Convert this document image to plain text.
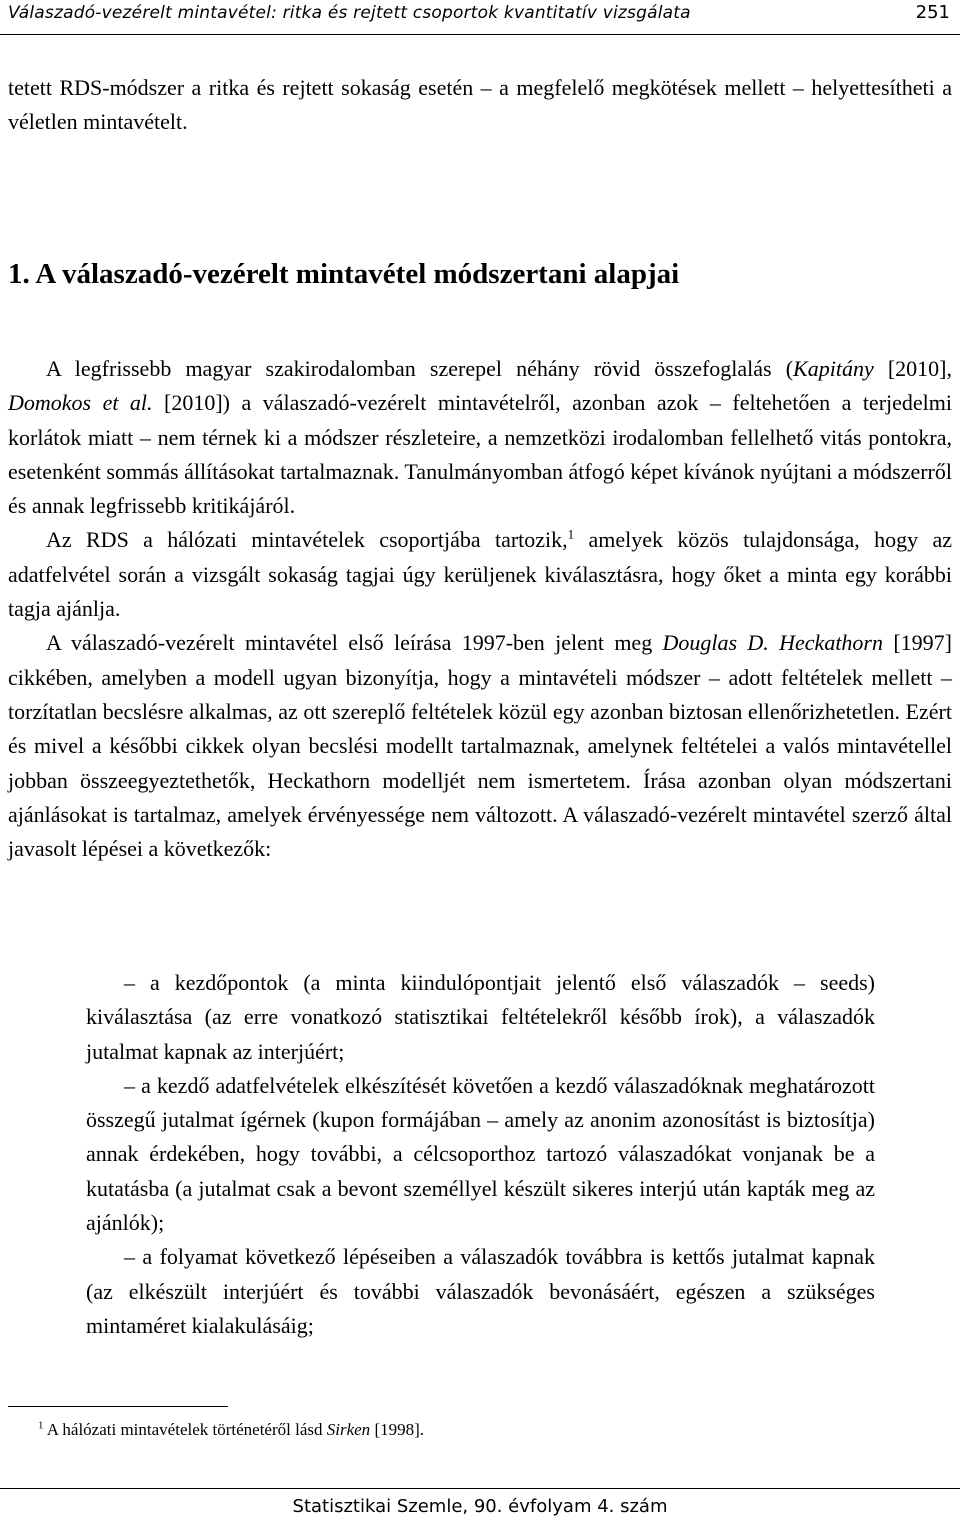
Válaszadó-vezérelt mintavétel: ritka és rejtett csoportok kvantitatív vizsgálata	251

tetett RDS-módszer a ritka és rejtett sokaság esetén – a megfelelő megkötések mellett – helyettesítheti a véletlen mintavételt.

1. A válaszadó-vezérelt mintavétel módszertani alapjai

A legfrissebb magyar szakirodalomban szerepel néhány rövid összefoglalás (Kapitány [2010], Domokos et al. [2010]) a válaszadó-vezérelt mintavételről, azonban azok – feltehetően a terjedelmi korlátok miatt – nem térnek ki a módszer részleteire, a nemzetközi irodalomban fellelhető vitás pontokra, esetenként sommás állításokat tartalmaznak. Tanulmányomban átfogó képet kívánok nyújtani a módszerről és annak legfrissebb kritikájáról.

Az RDS a hálózati mintavételek csoportjába tartozik,$^1$ amelyek közös tulajdonsága, hogy az adatfelvétel során a vizsgált sokaság tagjai úgy kerüljenek kiválasztásra, hogy őket a minta egy korábbi tagja ajánlja.

A válaszadó-vezérelt mintavétel első leírása 1997-ben jelent meg Douglas D. Heckathorn [1997] cikkében, amelyben a modell ugyan bizonyítja, hogy a mintavételi módszer – adott feltételek mellett – torzítatlan becslésre alkalmas, az ott szereplő feltételek közül egy azonban biztosan ellenőrizhetetlen. Ezért és mivel a későbbi cikkek olyan becslési modellt tartalmaznak, amelynek feltételei a valós mintavétellel jobban összeegyeztethetők, Heckathorn modelljét nem ismertetem. Írása azonban olyan módszertani ajánlásokat is tartalmaz, amelyek érvényessége nem változott. A válaszadó-vezérelt mintavétel szerző által javasolt lépései a következők:

– a kezdőpontok (a minta kiindulópontjait jelentő első válaszadók – seeds) kiválasztása (az erre vonatkozó statisztikai feltételekről később írok), a válaszadók jutalmat kapnak az interjúért;

– a kezdő adatfelvételek elkészítését követően a kezdő válaszadóknak meghatározott összegű jutalmat ígérnek (kupon formájában – amely az anonim azonosítást is biztosítja) annak érdekében, hogy további, a célcsoporthoz tartozó válaszadókat vonjanak be a kutatásba (a jutalmat csak a bevont személlyel készült sikeres interjú után kapták meg az ajánlók);

– a folyamat következő lépéseiben a válaszadók továbbra is kettős jutalmat kapnak (az elkészült interjúért és további válaszadók bevonásáért, egészen a szükséges mintaméret kialakulásáig;

$^1$ A hálózati mintavételek történetéről lásd Sirken [1998].
Statisztikai Szemle, 90. évfolyam 4. szám
